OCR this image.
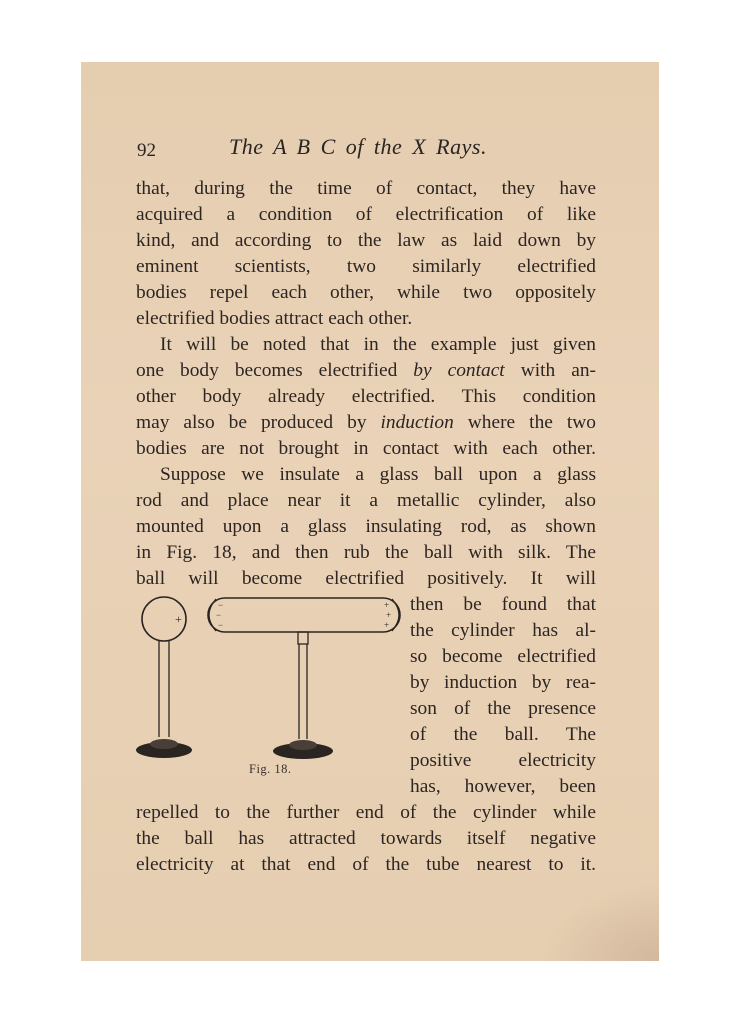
92	The A B C of the X Rays.
that, during the time of contact, they have
acquired a condition of electrification of like
kind, and according to the law as laid down by
eminent scientists, two similarly electrified
bodies repel each other, while two oppositely
electrified bodies attract each other.
It will be noted that in the example just given
one body becomes electrified by contact with an-
other body already electrified. This condition
may also be produced by induction where the two
bodies are not brought in contact with each other.
Suppose we insulate a glass ball upon a glass
rod and place near it a metallic cylinder, also
mounted upon a glass insulating rod, as shown
in Fig. 18, and then rub the ball with silk. The
ball will become electrified positively. It will
then be found that
the cylinder has al-
so become electrified
by induction by rea-
son of the presence
of the ball. The
positive electricity
has, however, been
repelled to the further end of the cylinder while
the ball has attracted towards itself negative
electricity at that end of the tube nearest to it.
+
−
−
−
+
+
+
Fig. 18.
